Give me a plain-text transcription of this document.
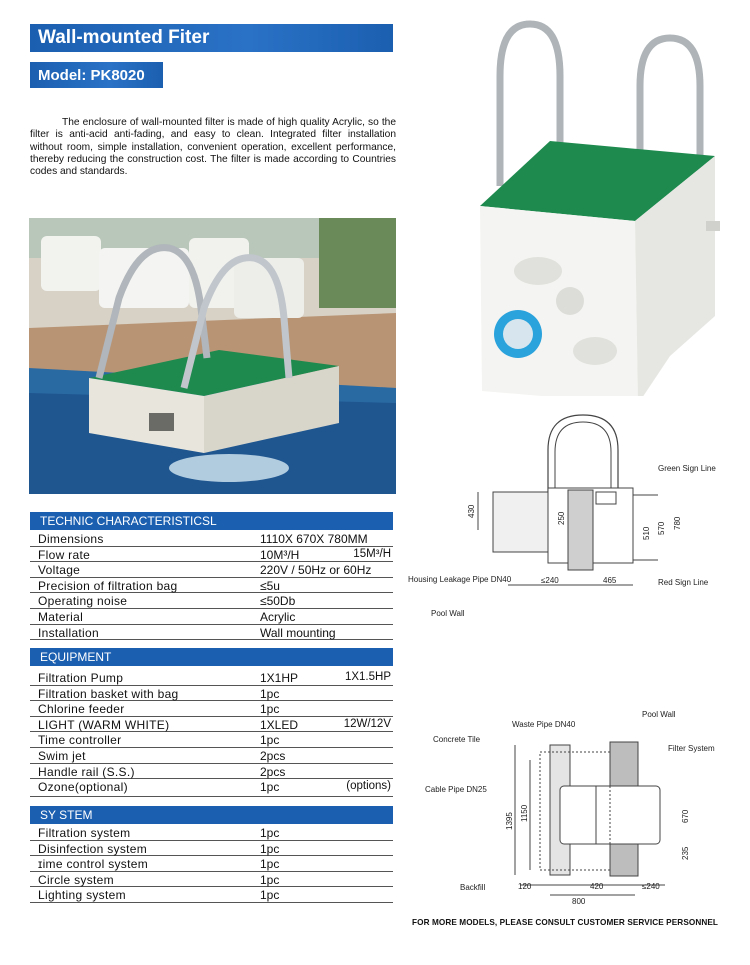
Wall-mounted Fiter
Model: PK8020

The enclosure of wall-mounted filter is made of high quality Acrylic, so the filter is anti-acid anti-fading, and easy to clean. Integrated filter installation without room, simple installation, convenient operation, excellent performance, thereby reducing the construction cost. The filter is made according to Countries codes and standards.

TECHNIC CHARACTERISTICSL
Dimensions	1110X 670X 780MM
Flow rate	10M³/H	15M³/H
Voltage	220V / 50Hz or 60Hz
Precision of filtration bag	≤5u
Operating noise	≤50Db
Material	Acrylic
Installation	Wall mounting
EQUIPMENT
Filtration Pump	1X1HP	1X1.5HP
Filtration basket with bag	1pc
Chlorine feeder	1pc
LIGHT (WARM WHITE)	1XLED	12W/12V
Time controller	1pc
Swim jet	2pcs
Handle rail (S.S.)	2pcs
Ozone(optional)	1pc	(options)
SY STEM
Filtration system	1pc
Disinfection system	1pc
ɪime control system	1pc
Circle system	1pc
Lighting system	1pc
430
250
510 570 780
≤240	465
Green Sign Line
Red Sign Line
Housing Leakage Pipe DN40
Pool Wall
1395 1150	670
235
120	420	≤240
800
Waste Pipe DN40
Pool Wall
Concrete Tile
Filter System
Cable Pipe DN25
Backfill
FOR MORE MODELS, PLEASE CONSULT CUSTOMER SERVICE PERSONNEL
